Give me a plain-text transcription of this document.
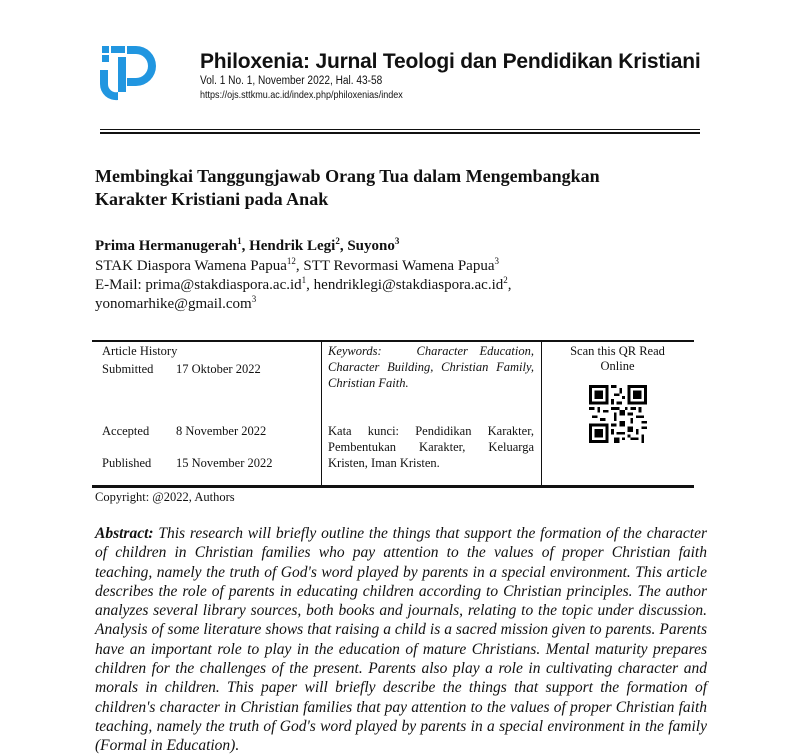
Philoxenia: Jurnal Teologi dan Pendidikan Kristiani
Vol. 1 No. 1, November 2022, Hal. 43-58
https://ojs.sttkmu.ac.id/index.php/philoxenias/index
Membingkai Tanggungjawab Orang Tua dalam Mengembangkan
Karakter Kristiani pada Anak
Prima Hermanugerah$^1$, Hendrik Legi$^2$, Suyono$^3$
STAK Diaspora Wamena Papua$^{12}$, STT Revormasi Wamena Papua$^3$
E-Mail: $prima@stakdiaspora.ac.id^1$, $hendriklegi@stakdiaspora.ac.id^2$,
yonomarhike@gmail.com$^3$
Article History
Submitted 17 Oktober 2022
Accepted 8 November 2022
Published 15 November 2022
Keywords:   Character Education,
Character Building, Christian Family,
Christian Faith.
Kata kunci: Pendidikan Karakter,
Pembentukan Karakter, Keluarga
Kristen, Iman Kristen.
Scan this QR Read
Online
Copyright: @2022, Authors
Abstract: This research will briefly outline the things that support the formation of the character of children in Christian families who pay attention to the values of proper Christian faith teaching, namely the truth of God's word played by parents in a special environment. This article describes the role of parents in educating children according to Christian principles. The author analyzes several library sources, both books and journals, relating to the topic under discussion. Analysis of some literature shows that raising a child is a sacred mission given to parents. Parents have an important role to play in the education of mature Christians. Mental maturity prepares children for the challenges of the present. Parents also play a role in cultivating character and morals in children. This paper will briefly describe the things that support the formation of children's character in Christian families that pay attention to the values of proper Christian faith teaching, namely the truth of God's word played by parents in a special environment in the family (Formal in Education).
